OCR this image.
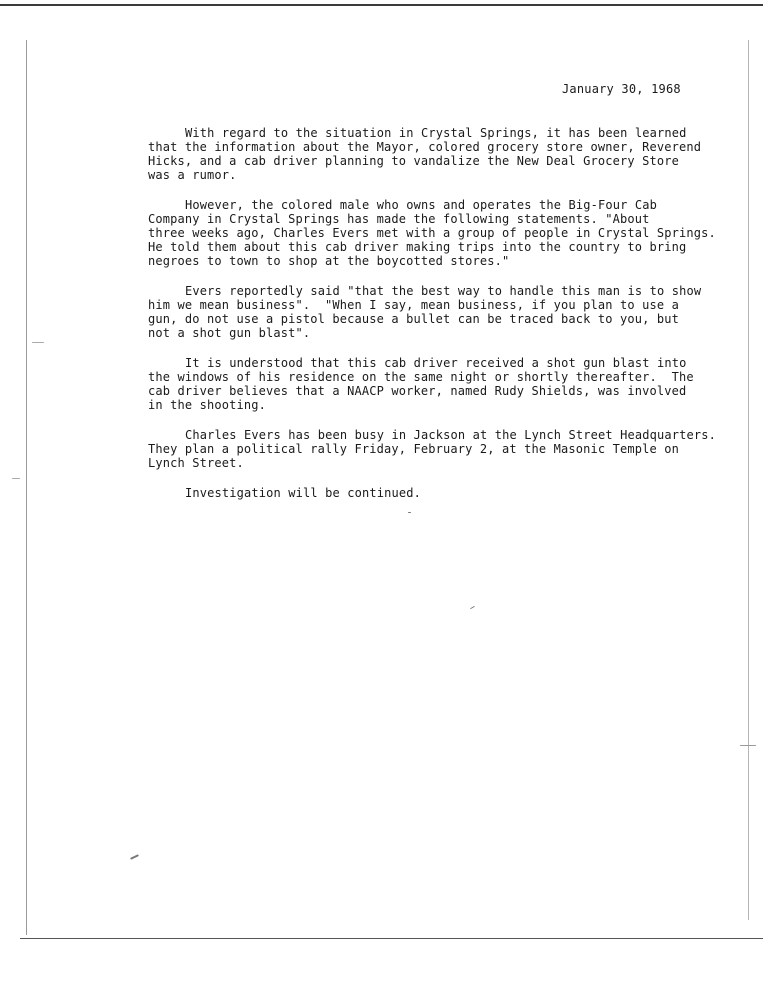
January 30, 1968
With regard to the situation in Crystal Springs, it has been learned
that the information about the Mayor, colored grocery store owner, Reverend
Hicks, and a cab driver planning to vandalize the New Deal Grocery Store
was a rumor.
However, the colored male who owns and operates the Big-Four Cab
Company in Crystal Springs has made the following statements. "About
three weeks ago, Charles Evers met with a group of people in Crystal Springs.
He told them about this cab driver making trips into the country to bring
negroes to town to shop at the boycotted stores."
Evers reportedly said "that the best way to handle this man is to show
him we mean business".  "When I say, mean business, if you plan to use a
gun, do not use a pistol because a bullet can be traced back to you, but
not a shot gun blast".
It is understood that this cab driver received a shot gun blast into
the windows of his residence on the same night or shortly thereafter.  The
cab driver believes that a NAACP worker, named Rudy Shields, was involved
in the shooting.
Charles Evers has been busy in Jackson at the Lynch Street Headquarters.
They plan a political rally Friday, February 2, at the Masonic Temple on
Lynch Street.
Investigation will be continued.
